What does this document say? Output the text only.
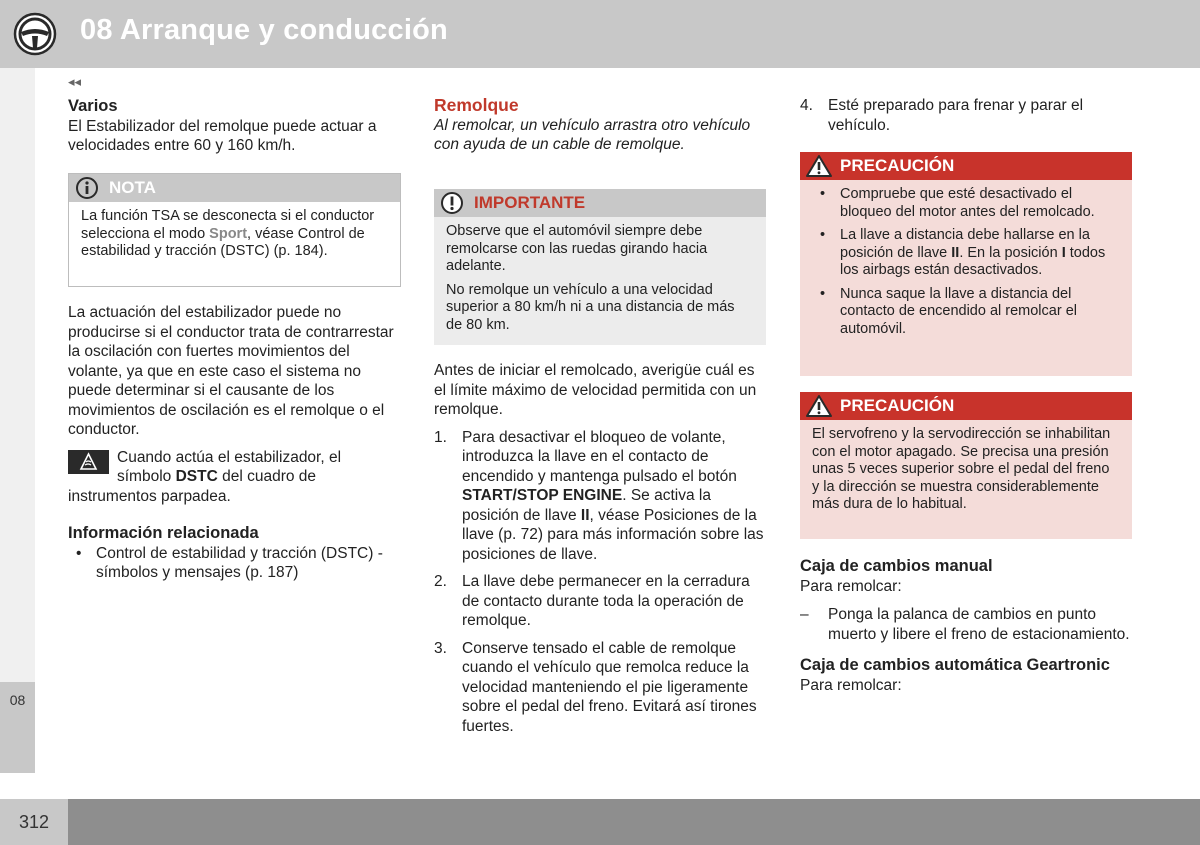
08 Arranque y conducción
08
◂◂

Varios

El Estabilizador del remolque puede actuar a velocidades entre 60 y 160 km/h.

NOTA
La función TSA se desconecta si el conductor selecciona el modo Sport, véase Control de estabilidad y tracción (DSTC) (p. 184).

La actuación del estabilizador puede no producirse si el conductor trata de contrarrestar la oscilación con fuertes movimientos del volante, ya que en este caso el sistema no puede determinar si el causante de los movimientos de oscilación es el remolque o el conductor.

Cuando actúa el estabilizador, el símbolo DSTC del cuadro de instrumentos parpadea.

Información relacionada

• Control de estabilidad y tracción (DSTC) - símbolos y mensajes (p. 187)

Remolque

Al remolcar, un vehículo arrastra otro vehículo con ayuda de un cable de remolque.

IMPORTANTE

Observe que el automóvil siempre debe remolcarse con las ruedas girando hacia adelante.

No remolque un vehículo a una velocidad superior a 80 km/h ni a una distancia de más de 80 km.

Antes de iniciar el remolcado, averigüe cuál es el límite máximo de velocidad permitida con un remolque.

1. Para desactivar el bloqueo de volante, introduzca la llave en el contacto de encendido y mantenga pulsado el botón START/STOP ENGINE. Se activa la posición de llave II, véase Posiciones de la llave (p. 72) para más información sobre las posiciones de llave.
2. La llave debe permanecer en la cerradura de contacto durante toda la operación de remolque.
3. Conserve tensado el cable de remolque cuando el vehículo que remolca reduce la velocidad manteniendo el pie ligeramente sobre el pedal del freno. Evitará así tirones fuertes.
4. Esté preparado para frenar y parar el vehículo.
PRECAUCIÓN
• Compruebe que esté desactivado el bloqueo del motor antes del remolcado.
• La llave a distancia debe hallarse en la posición de llave II. En la posición I todos los airbags están desactivados.
• Nunca saque la llave a distancia del contacto de encendido al remolcar el automóvil.
PRECAUCIÓN
El servofreno y la servodirección se inhabilitan con el motor apagado. Se precisa una presión unas 5 veces superior sobre el pedal del freno y la dirección se muestra considerablemente más dura de lo habitual.

Caja de cambios manual

Para remolcar:

– Ponga la palanca de cambios en punto muerto y libere el freno de estacionamiento.

Caja de cambios automática Geartronic

Para remolcar:

312
